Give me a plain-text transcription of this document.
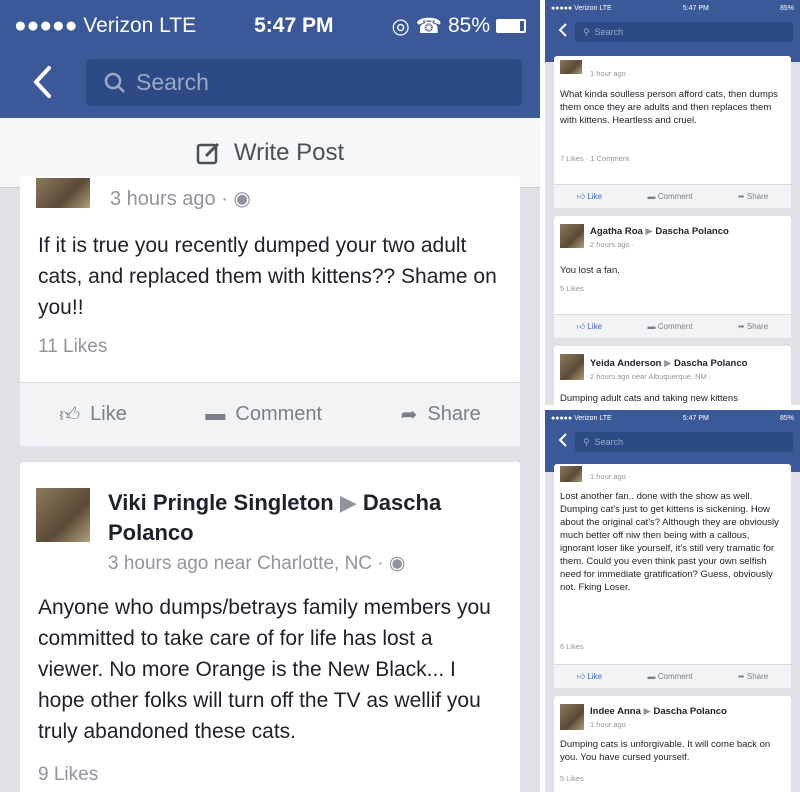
●●●●● Verizon LTE	5:47 PM	◎ ☎ 85%
Search
Write Post
3 hours ago · ◉
If it is true you recently dumped your two adult cats, and replaced them with kittens?? Shame on you!!
11 Likes
👍︎ Like	▬ Comment	➦ Share
Viki Pringle Singleton ▶ Dascha Polanco
3 hours ago near Charlotte, NC · ◉
Anyone who dumps/betrays family members you committed to take care of for life has lost a viewer. No more Orange is the New Black... I hope other folks will turn off the TV as wellif you truly abandoned these cats.
9 Likes
●●●●● Verizon LTE	5:47 PM	85%
⚲ Search
1 hour ago ·
What kinda soulless person afford cats, then dumps them once they are adults and then replaces them with kittens. Heartless and cruel.
7 Likes · 1 Comment
👍︎
Like	▬
Comment	➦
Share
Agatha Roa ▶ Dascha Polanco
2 hours ago ·
You lost a fan.
5 Likes
👍︎
Like	▬
Comment	➦
Share
Yeida Anderson ▶ Dascha Polanco
2 hours ago near Albuquerque, NM ·
Dumping adult cats and taking new kittens
●●●●● Verizon LTE	5:47 PM	85%
⚲ Search
1 hour ago ·
Lost another fan.. done with the show as well. Dumping cat's just to get kittens is sickening. How about the original cat's? Although they are obviously much better off niw then being with a callous, ignorant loser like yourself, it's still very tramatic for them. Could you even think past your own selfish need for immediate gratification? Guess, obviously not. Fking Loser.
6 Likes
👍︎
Like	▬
Comment	➦
Share
Indee Anna ▶ Dascha Polanco
1 hour ago ·
Dumping cats is unforgivable. It will come back on you. You have cursed yourself.
5 Likes
